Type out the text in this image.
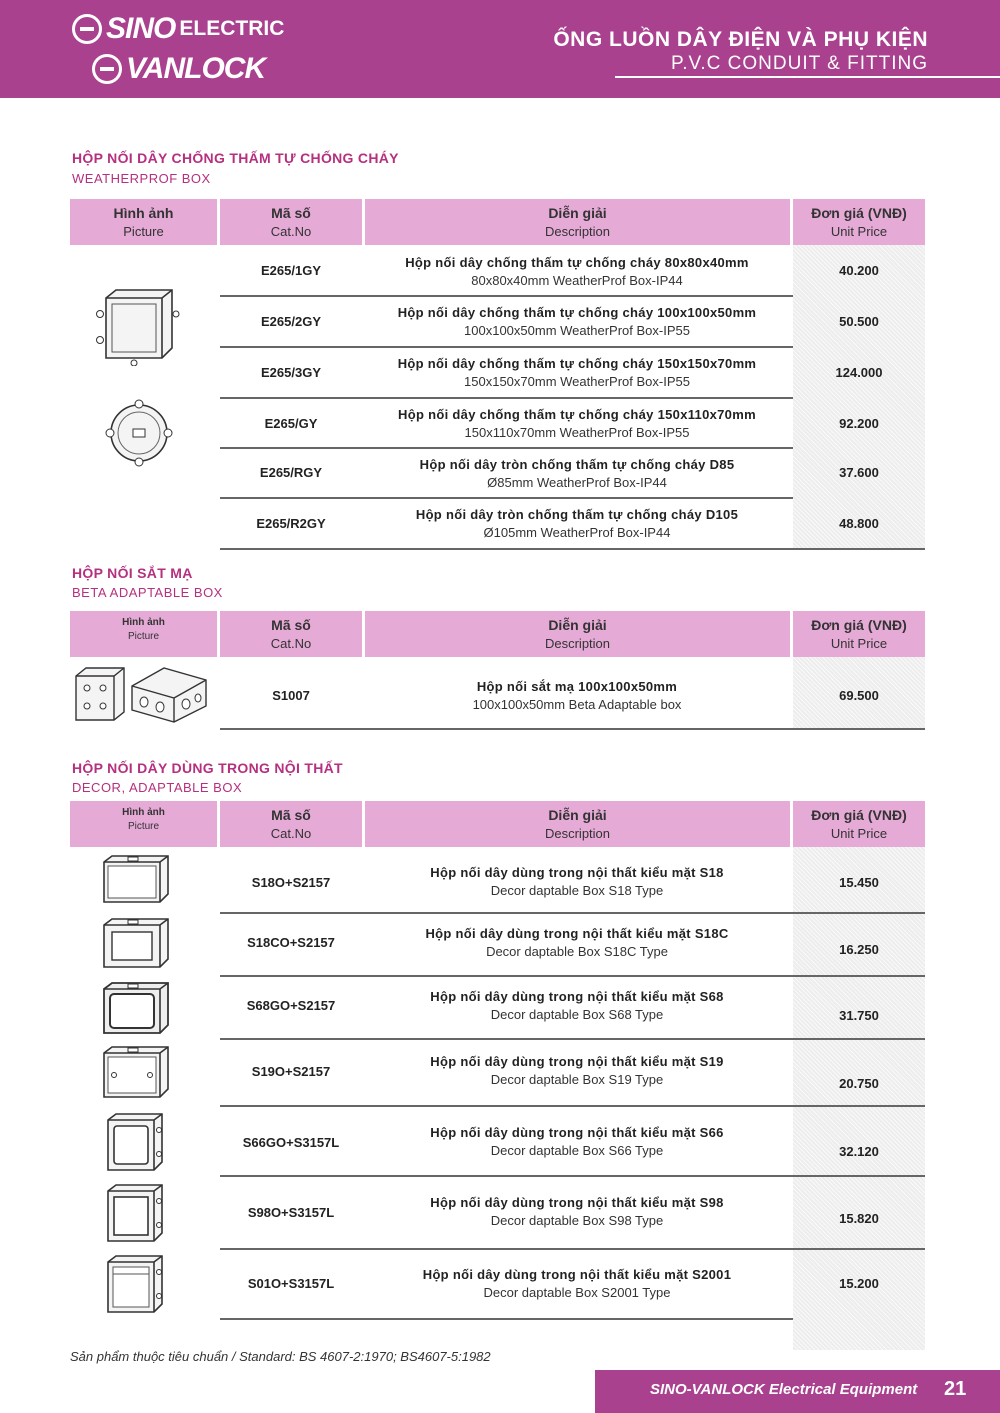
SINO ELECTRIC
VANLOCK
ỐNG LUỒN DÂY ĐIỆN VÀ PHỤ KIỆN
P.V.C CONDUIT & FITTING
HỘP NỐI DÂY CHỐNG THẤM TỰ CHỐNG CHÁY
WEATHERPROF BOX
Hình ảnh
Picture
Mã số
Cat.No
Diễn giải
Description
Đơn giá (VNĐ)
Unit Price
E265/1GY
Hộp nối dây chống thấm tự chống cháy 80x80x40mm
80x80x40mm WeatherProf Box-IP44
40.200
E265/2GY
Hộp nối dây chống thấm tự chống cháy 100x100x50mm
100x100x50mm WeatherProf Box-IP55
50.500
E265/3GY
Hộp nối dây chống thấm tự chống cháy 150x150x70mm
150x150x70mm WeatherProf Box-IP55
124.000
E265/GY
Hộp nối dây chống thấm tự chống cháy 150x110x70mm
150x110x70mm WeatherProf Box-IP55
92.200
E265/RGY
Hộp nối dây tròn chống thấm tự chống cháy D85
Ø85mm WeatherProf Box-IP44
37.600
E265/R2GY
Hộp nối dây tròn chống thấm tự chống cháy D105
Ø105mm WeatherProf Box-IP44
48.800
HỘP NỐI SẮT MẠ
BETA ADAPTABLE BOX
Hình ảnh
Picture
Mã số
Cat.No
Diễn giải
Description
Đơn giá (VNĐ)
Unit Price
S1007
Hộp nối sắt mạ 100x100x50mm
100x100x50mm Beta Adaptable box
69.500
HỘP NỐI DÂY DÙNG TRONG NỘI THẤT
DECOR, ADAPTABLE BOX
Hình ảnh
Picture
Mã số
Cat.No
Diễn giải
Description
Đơn giá (VNĐ)
Unit Price
S18O+S2157
Hộp nối dây dùng trong nội thất kiểu mặt S18
Decor daptable Box S18 Type
15.450
S18CO+S2157
Hộp nối dây dùng trong nội thất kiểu mặt S18C
Decor daptable Box S18C Type	16.250
S68GO+S2157
Hộp nối dây dùng trong nội thất kiểu mặt S68
Decor daptable Box S68 Type	31.750
S19O+S2157
Hộp nối dây dùng trong nội thất kiểu mặt S19
Decor daptable Box S19 Type	20.750
S66GO+S3157L
Hộp nối dây dùng trong nội thất kiểu mặt S66
Decor daptable Box S66 Type	32.120
S98O+S3157L
Hộp nối dây dùng trong nội thất kiểu mặt S98
Decor daptable Box S98 Type	15.820
S01O+S3157L
Hộp nối dây dùng trong nội thất kiểu mặt S2001
Decor daptable Box S2001 Type
15.200
Sản phẩm thuộc tiêu chuẩn / Standard: BS 4607-2:1970; BS4607-5:1982
SINO-VANLOCK Electrical Equipment 21
